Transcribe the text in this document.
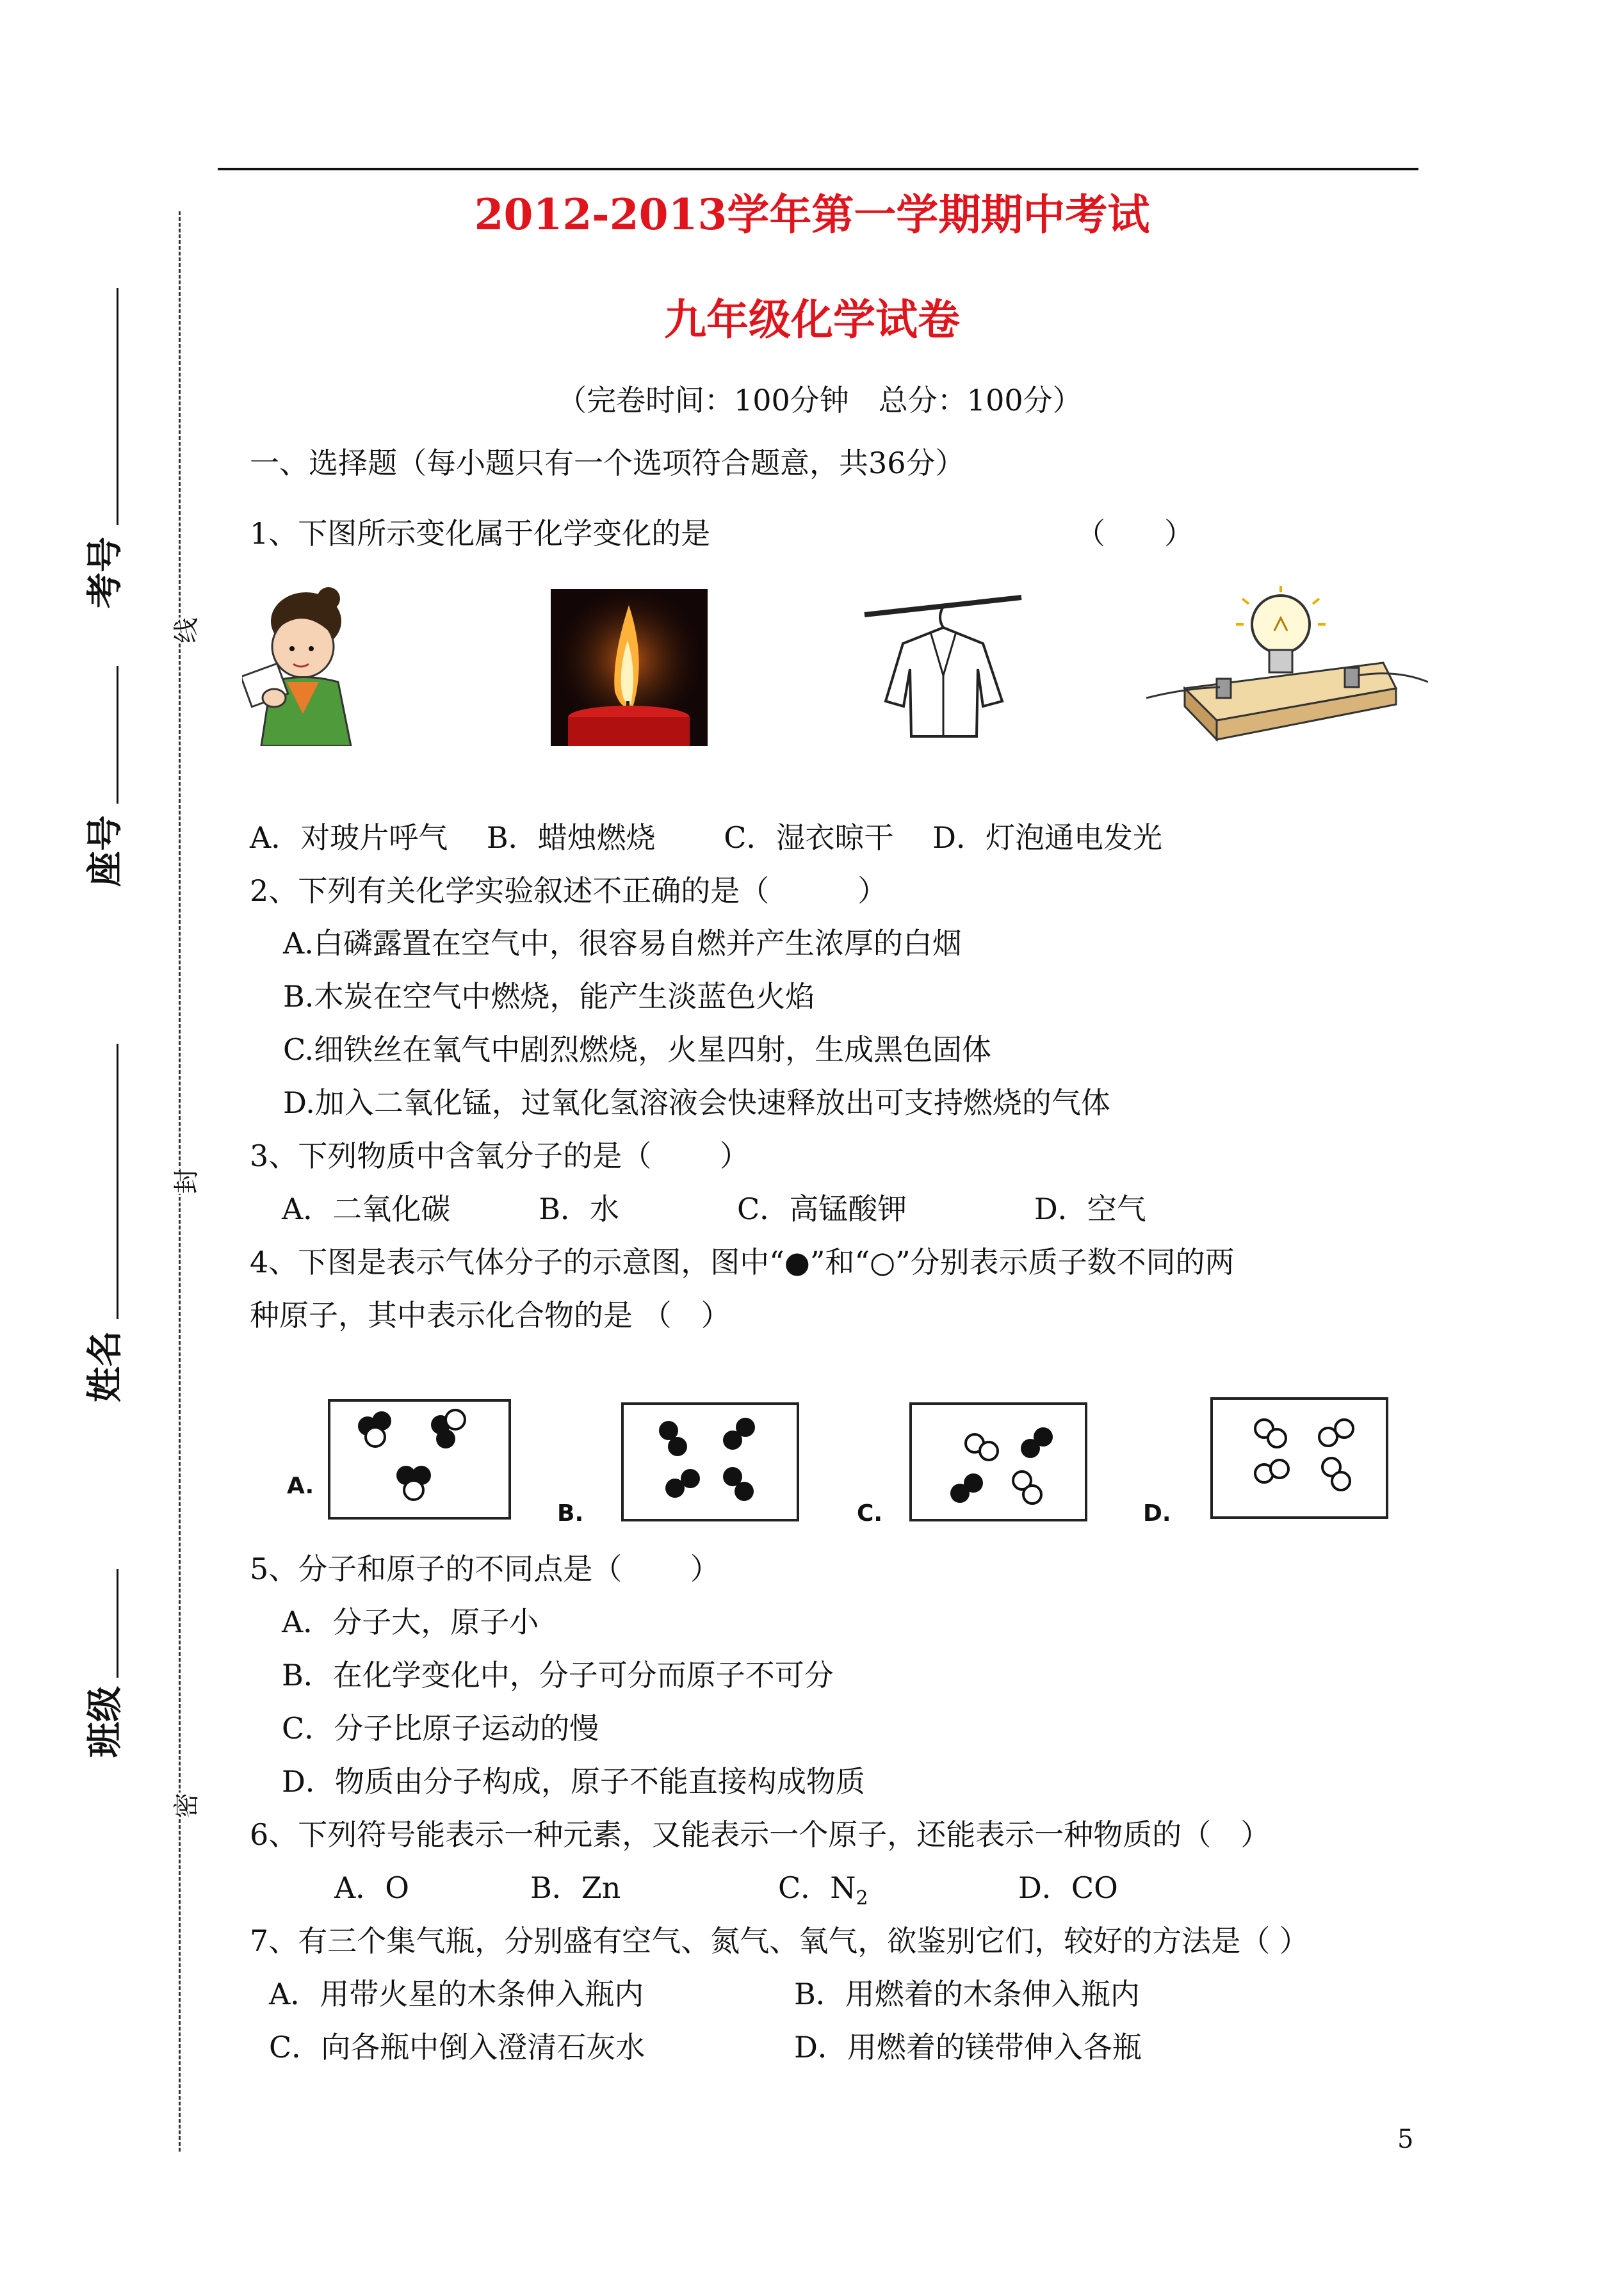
2012-2013学年第一学期期中考试
九年级化学试卷
（完卷时间：100分钟　总分：100分）
线
封
密
考号
座号
姓名
班级
一、选择题（每小题只有一个选项符合题意，共36分）
1、下图所示变化属于化学变化的是	（　　）
A．对玻片呼气　 B．蜡烛燃烧　　 C．湿衣晾干　 D．灯泡通电发光
2、下列有关化学实验叙述不正确的是（　　　）
A.白磷露置在空气中，很容易自燃并产生浓厚的白烟
B.木炭在空气中燃烧，能产生淡蓝色火焰
C.细铁丝在氧气中剧烈燃烧，火星四射，生成黑色固体
D.加入二氧化锰，过氧化氢溶液会快速释放出可支持燃烧的气体
3、下列物质中含氧分子的是（　　 ）
A．二氧化碳　　　B．水　　　　C．高锰酸钾　　　　 D．空气
4、下图是表示气体分子的示意图，图中“●”和“○”分别表示质子数不同的两
种原子，其中表示化合物的是 （　）
A.
B.	C.	D.
5、分子和原子的不同点是（　　 ）
A．分子大，原子小
B．在化学变化中，分子可分而原子不可分
C．分子比原子运动的慢
D．物质由分子构成，原子不能直接构成物质
6、下列符号能表示一种元素，又能表示一个原子，还能表示一种物质的（　）
A．O	B．Zn	C．$N_2$	D．CO
7、有三个集气瓶，分别盛有空气、氮气、氧气，欲鉴别它们，较好的方法是（ ）
A．用带火星的木条伸入瓶内	B．用燃着的木条伸入瓶内
C．向各瓶中倒入澄清石灰水	D．用燃着的镁带伸入各瓶
5
